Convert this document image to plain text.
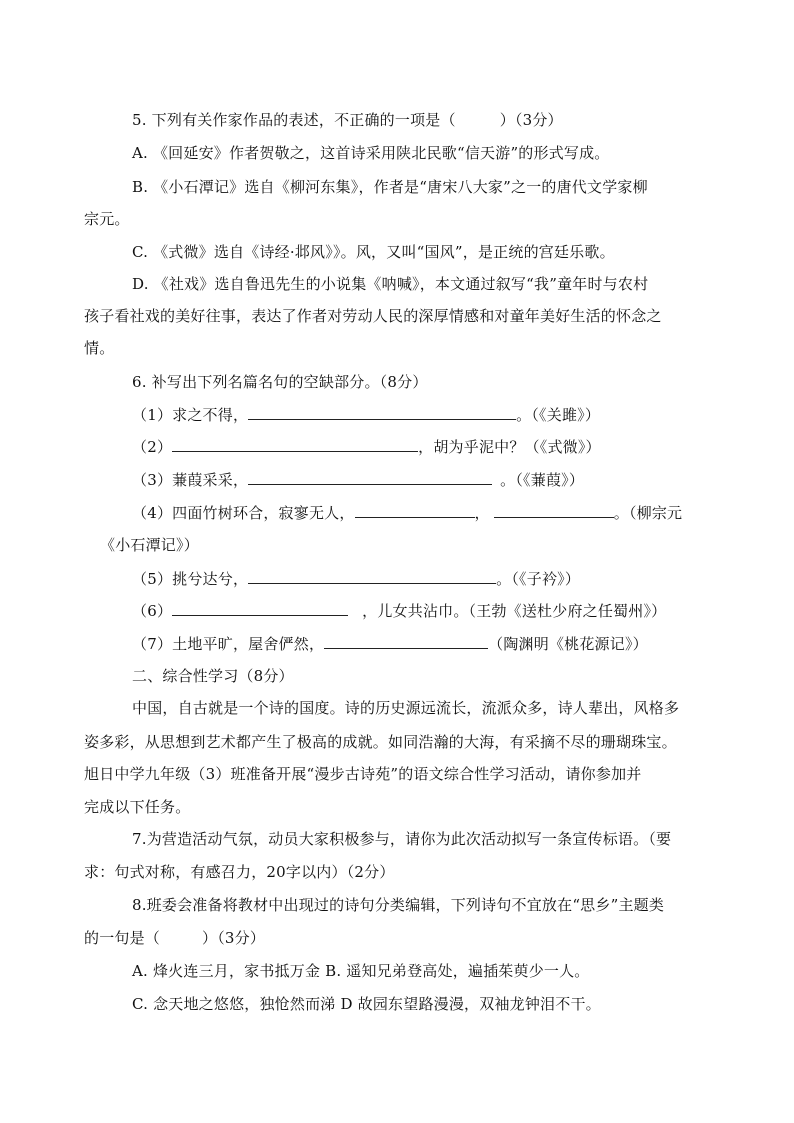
5. 下列有关作家作品的表述，不正确的一项是（	）（3分）
A. 《回延安》作者贺敬之，这首诗采用陕北民歌“信天游”的形式写成。
B. 《小石潭记》选自《柳河东集》，作者是“唐宋八大家”之一的唐代文学家柳
宗元。
C. 《式微》选自《诗经·邶风》》。风，又叫“国风”，是正统的宫廷乐歌。
D. 《社戏》选自鲁迅先生的小说集《呐喊》，本文通过叙写“我”童年时与农村
孩子看社戏的美好往事，表达了作者对劳动人民的深厚情感和对童年美好生活的怀念之
情。
6. 补写出下列名篇名句的空缺部分。（8分）
（1）求之不得，	。（《关雎》）
（2）	，胡为乎泥中？（《式微》）
（3）蒹葭采采，	。（《蒹葭》）
（4）四面竹树环合，寂寥无人，	，	。（柳宗元
《小石潭记》）
（5）挑兮达兮，	。（《子衿》）
（6）	，儿女共沾巾。（王勃《送杜少府之任蜀州》）
（7）土地平旷，屋舍俨然，	（陶渊明《桃花源记》）
二、综合性学习（8分）
中国，自古就是一个诗的国度。诗的历史源远流长，流派众多，诗人辈出，风格多
姿多彩，从思想到艺术都产生了极高的成就。如同浩瀚的大海，有采摘不尽的珊瑚珠宝。
旭日中学九年级（3）班准备开展“漫步古诗苑”的语文综合性学习活动，请你参加并
完成以下任务。
7.为营造活动气氛，动员大家积极参与，请你为此次活动拟写一条宣传标语。（要
求：句式对称，有感召力，20字以内）（2分）
8.班委会准备将教材中出现过的诗句分类编辑，下列诗句不宜放在“思乡”主题类
的一句是（	）（3分）
A. 烽火连三月，家书抵万金 B. 遥知兄弟登高处，遍插茱萸少一人。
C. 念天地之悠悠，独怆然而涕 D 故园东望路漫漫，双袖龙钟泪不干。
